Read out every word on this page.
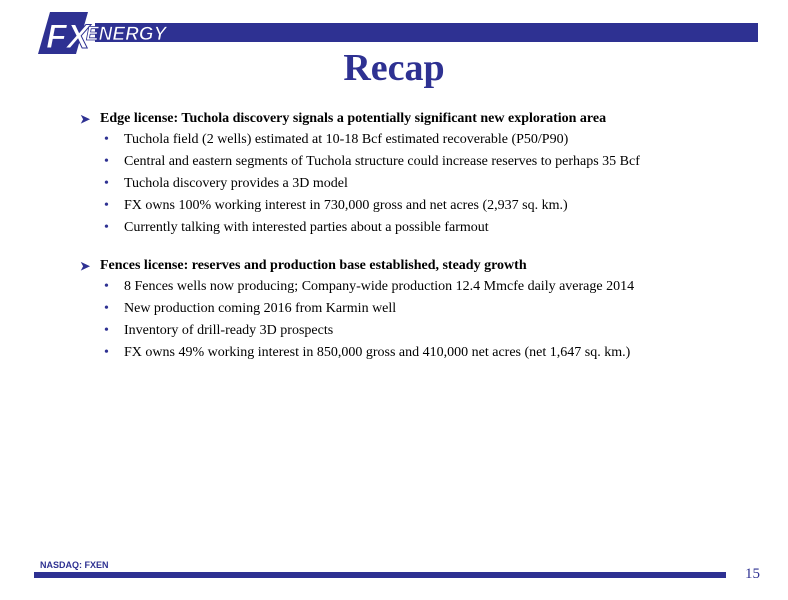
FX
ENERGY
Recap
➤ Edge license: Tuchola discovery signals a potentially significant new exploration area
•	Tuchola field (2 wells) estimated at 10-18 Bcf estimated recoverable (P50/P90)
•	Central and eastern segments of Tuchola structure could increase reserves to perhaps 35 Bcf
•	Tuchola discovery provides a 3D model
•	FX owns 100% working interest in 730,000 gross and net acres (2,937 sq. km.)
•	Currently talking with interested parties about a possible farmout
➤ Fences license: reserves and production base established, steady growth
•	8 Fences wells now producing; Company-wide production 12.4 Mmcfe daily average 2014
•	New production coming 2016 from Karmin well
•	Inventory of drill-ready 3D prospects
•	FX owns 49% working interest in 850,000 gross and 410,000 net acres (net 1,647 sq. km.)
NASDAQ: FXEN
15
